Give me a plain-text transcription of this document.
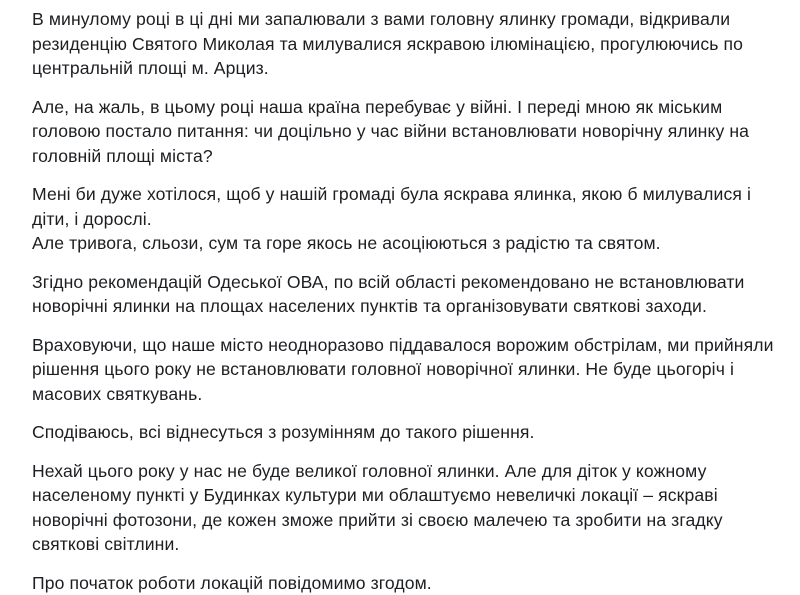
В минулому році в ці дні ми запалювали з вами головну ялинку громади, відкривали
резиденцію Святого Миколая та милувалися яскравою ілюмінацією, прогулюючись по
центральній площі м. Арциз.

Але, на жаль, в цьому році наша країна перебуває у війні. І переді мною як міським
головою постало питання: чи доцільно у час війни встановлювати новорічну ялинку на
головній площі міста?

Мені би дуже хотілося, щоб у нашій громаді була яскрава ялинка, якою б милувалися і
діти, і дорослі.

Але тривога, сльози, сум та горе якось не асоціюються з радістю та святом.

Згідно рекомендацій Одеської ОВА, по всій області рекомендовано не встановлювати
новорічні ялинки на площах населених пунктів та організовувати святкові заходи.

Враховуючи, що наше місто неодноразово піддавалося ворожим обстрілам, ми прийняли
рішення цього року не встановлювати головної новорічної ялинки. Не буде цьогоріч і
масових святкувань.

Сподіваюсь, всі віднесуться з розумінням до такого рішення.

Нехай цього року у нас не буде великої головної ялинки. Але для діток у кожному
населеному пункті у Будинках культури ми облаштуємо невеличкі локації – яскраві
новорічні фотозони, де кожен зможе прийти зі своєю малечею та зробити на згадку
святкові світлини.

Про початок роботи локацій повідомимо згодом.
